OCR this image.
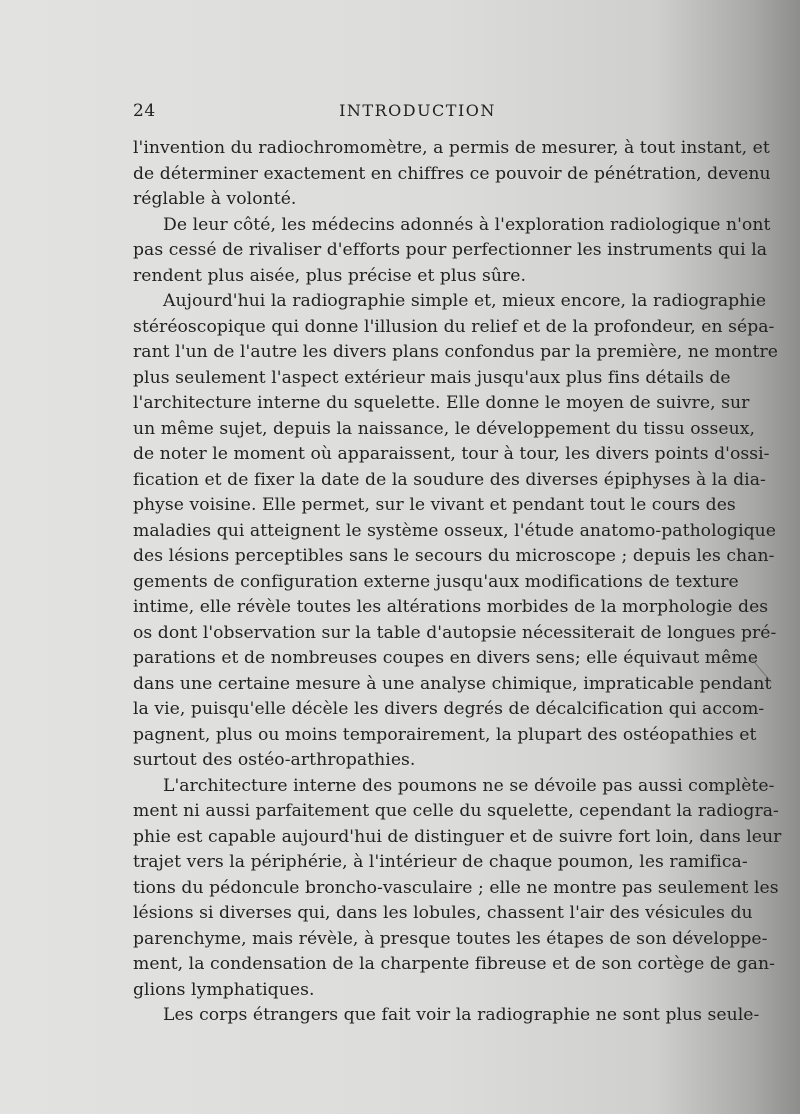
24	INTRODUCTION
l'invention du radiochromomètre, a permis de mesurer, à tout instant, et
de déterminer exactement en chiffres ce pouvoir de pénétration, devenu
réglable à volonté.
De leur côté, les médecins adonnés à l'exploration radiologique n'ont
pas cessé de rivaliser d'efforts pour perfectionner les instruments qui la
rendent plus aisée, plus précise et plus sûre.
Aujourd'hui la radiographie simple et, mieux encore, la radiographie
stéréoscopique qui donne l'illusion du relief et de la profondeur, en sépa-
rant l'un de l'autre les divers plans confondus par la première, ne montre
plus seulement l'aspect extérieur mais jusqu'aux plus fins détails de
l'architecture interne du squelette. Elle donne le moyen de suivre, sur
un même sujet, depuis la naissance, le développement du tissu osseux,
de noter le moment où apparaissent, tour à tour, les divers points d'ossi-
fication et de fixer la date de la soudure des diverses épiphyses à la dia-
physe voisine. Elle permet, sur le vivant et pendant tout le cours des
maladies qui atteignent le système osseux, l'étude anatomo-pathologique
des lésions perceptibles sans le secours du microscope ; depuis les chan-
gements de configuration externe jusqu'aux modifications de texture
intime, elle révèle toutes les altérations morbides de la morphologie des
os dont l'observation sur la table d'autopsie nécessiterait de longues pré-
parations et de nombreuses coupes en divers sens; elle équivaut même
dans une certaine mesure à une analyse chimique, impraticable pendant
la vie, puisqu'elle décèle les divers degrés de décalcification qui accom-
pagnent, plus ou moins temporairement, la plupart des ostéopathies et
surtout des ostéo-arthropathies.
L'architecture interne des poumons ne se dévoile pas aussi complète-
ment ni aussi parfaitement que celle du squelette, cependant la radiogra-
phie est capable aujourd'hui de distinguer et de suivre fort loin, dans leur
trajet vers la périphérie, à l'intérieur de chaque poumon, les ramifica-
tions du pédoncule broncho-vasculaire ; elle ne montre pas seulement les
lésions si diverses qui, dans les lobules, chassent l'air des vésicules du
parenchyme, mais révèle, à presque toutes les étapes de son développe-
ment, la condensation de la charpente fibreuse et de son cortège de gan-
glions lymphatiques.
Les corps étrangers que fait voir la radiographie ne sont plus seule-
